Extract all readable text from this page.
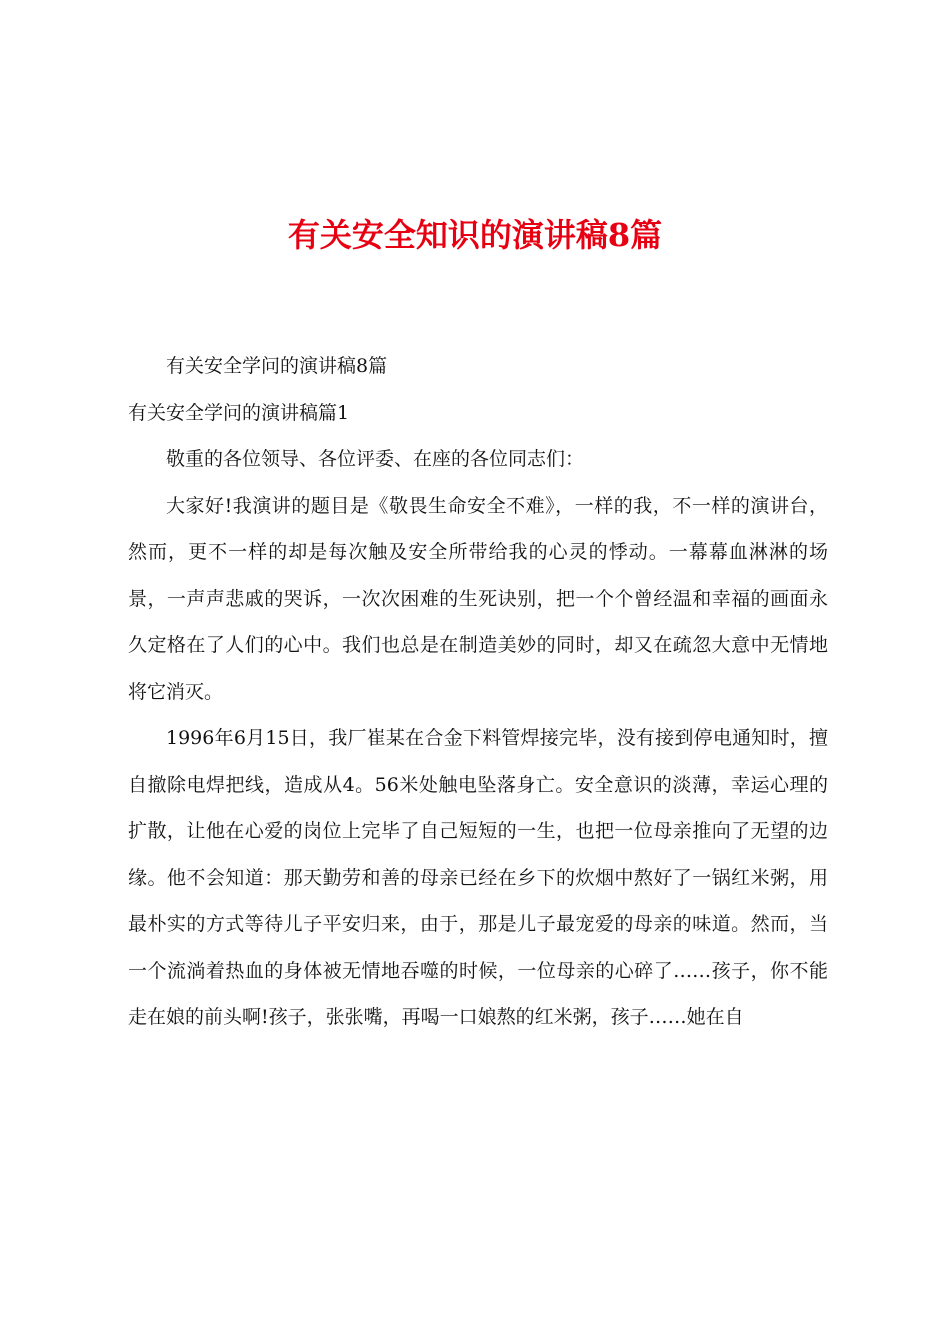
有关安全知识的演讲稿8篇

有关安全学问的演讲稿8篇

有关安全学问的演讲稿篇1

敬重的各位领导、各位评委、在座的各位同志们：

大家好!我演讲的题目是《敬畏生命安全不难》，一样的我，不一样的演讲台，然而，更不一样的却是每次触及安全所带给我的心灵的悸动。一幕幕血淋淋的场景，一声声悲戚的哭诉，一次次困难的生死诀别，把一个个曾经温和幸福的画面永久定格在了人们的心中。我们也总是在制造美妙的同时，却又在疏忽大意中无情地将它消灭。

1996年6月15日，我厂崔某在合金下料管焊接完毕，没有接到停电通知时，擅自撤除电焊把线，造成从4。56米处触电坠落身亡。安全意识的淡薄，幸运心理的扩散，让他在心爱的岗位上完毕了自己短短的一生，也把一位母亲推向了无望的边缘。他不会知道：那天勤劳和善的母亲已经在乡下的炊烟中熬好了一锅红米粥，用最朴实的方式等待儿子平安归来，由于，那是儿子最宠爱的母亲的味道。然而，当一个流淌着热血的身体被无情地吞噬的时候，一位母亲的心碎了……孩子，你不能走在娘的前头啊!孩子，张张嘴，再喝一口娘熬的红米粥，孩子……她在自
